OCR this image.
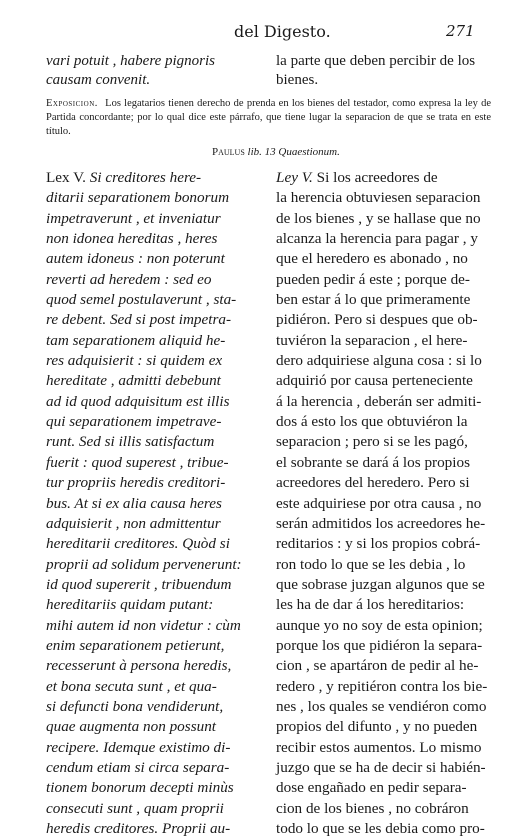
del Digesto.	271
vari potuit , habere pignoris
causam convenit.
la parte que deben percibir de los
bienes.
Exposicion. Los legatarios tienen derecho de prenda en los bienes del testador, como expresa la ley de Partida concordante; por lo qual dice este párrafo, que tiene lugar la separacion de que se trata en este título.
Paulus lib. 13 Quaestionum.
Lex V. Si creditores here-
ditarii separationem bonorum
impetraverunt , et inveniatur
non idonea hereditas , heres
autem idoneus : non poterunt
reverti ad heredem : sed eo
quod semel postulaverunt , sta-
re debent. Sed si post impetra-
tam separationem aliquid he-
res adquisierit : si quidem ex
hereditate , admitti debebunt
ad id quod adquisitum est illis
qui separationem impetrave-
runt. Sed si illis satisfactum
fuerit : quod superest , tribue-
tur propriis heredis creditori-
bus. At si ex alia causa heres
adquisierit , non admittentur
hereditarii creditores. Quòd si
proprii ad solidum pervenerunt:
id quod supererit , tribuendum
hereditariis quidam putant:
mihi autem id non videtur : cùm
enim separationem petierunt,
recesserunt à persona heredis,
et bona secuta sunt , et qua-
si defuncti bona vendiderunt,
quae augmenta non possunt
recipere. Idemque existimo di-
cendum etiam si circa separa-
tionem bonorum decepti minùs
consecuti sunt , quam proprii
heredis creditores. Proprii au-
Ley V. Si los acreedores de
la herencia obtuviesen separacion
de los bienes , y se hallase que no
alcanza la herencia para pagar , y
que el heredero es abonado , no
pueden pedir á este ; porque de-
ben estar á lo que primeramente
pidiéron. Pero si despues que ob-
tuviéron la separacion , el here-
dero adquiriese alguna cosa : si lo
adquirió por causa perteneciente
á la herencia , deberán ser admiti-
dos á esto los que obtuviéron la
separacion ; pero si se les pagó,
el sobrante se dará á los propios
acreedores del heredero. Pero si
este adquiriese por otra causa , no
serán admitidos los acreedores he-
reditarios : y si los propios cobrá-
ron todo lo que se les debia , lo
que sobrase juzgan algunos que se
les ha de dar á los hereditarios:
aunque yo no soy de esta opinion;
porque los que pidiéron la separa-
cion , se apartáron de pedir al he-
redero , y repitiéron contra los bie-
nes , los quales se vendiéron como
propios del difunto , y no pueden
recibir estos aumentos. Lo mismo
juzgo que se ha de decir si habién-
dose engañado en pedir separa-
cion de los bienes , no cobráron
todo lo que se les debia como pro-
